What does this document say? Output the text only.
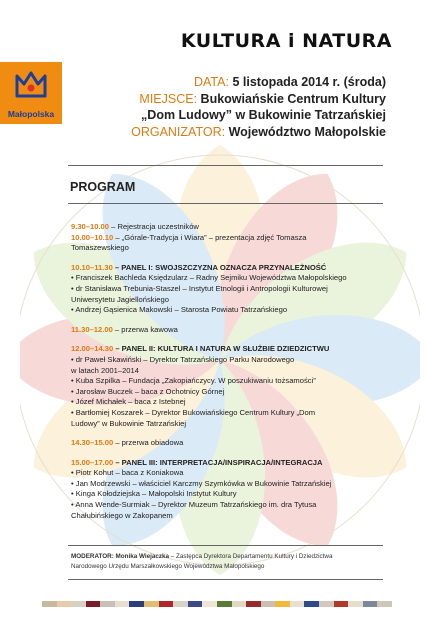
KULTURA i NATURA
Małopolska
DATA: 5 listopada 2014 r. (środa)
MIEJSCE: Bukowiańskie Centrum Kultury
„Dom Ludowy” w Bukowinie Tatrzańskiej
ORGANIZATOR: Województwo Małopolskie
PROGRAM
9.30–10.00 – Rejestracja uczestników
10.00–10.10 – „Górale-Tradycja i Wiara” – prezentacja zdjęć Tomasza
Tomaszewskiego
10.10–11.30 – PANEL I: SWOJSZCZYZNA OZNACZA PRZYNALEŻNOŚĆ
• Franciszek Bachleda Księdzularz – Radny Sejmiku Województwa Małopolskiego
• dr Stanisława Trebunia-Staszel – Instytut Etnologii i Antropologii Kulturowej
Uniwersytetu Jagiellońskiego
• Andrzej Gąsienica Makowski – Starosta Powiatu Tatrzańskiego
11.30–12.00 – przerwa kawowa
12.00–14.30 – PANEL II: KULTURA I NATURA W SŁUŻBIE DZIEDZICTWU
• dr Paweł Skawiński – Dyrektor Tatrzańskiego Parku Narodowego
w latach 2001–2014
• Kuba Szpilka – Fundacja „Zakopiańczycy. W poszukiwaniu tożsamości”
• Jarosław Buczek – baca z Ochotnicy Górnej
• Józef Michałek – baca z Istebnej
• Bartłomiej Koszarek – Dyrektor Bukowiańskiego Centrum Kultury „Dom
Ludowy” w Bukowinie Tatrzańskiej
14.30–15.00 – przerwa obiadowa
15.00–17.00 – PANEL III: INTERPRETACJA/INSPIRACJA/INTEGRACJA
• Piotr Kohut – baca z Koniakowa
• Jan Modrzewski – właściciel Karczmy Szymkówka w Bukowinie Tatrzańskiej
• Kinga Kołodziejska – Małopolski Instytut Kultury
• Anna Wende-Surmiak – Dyrektor Muzeum Tatrzańskiego im. dra Tytusa
Chałubińskiego w Zakopanem
MODERATOR: Monika Wiejaczka – Zastępca Dyrektora Departamentu Kultury i Dziedzictwa
Narodowego Urzędu Marszałkowskiego Województwa Małopolskiego
